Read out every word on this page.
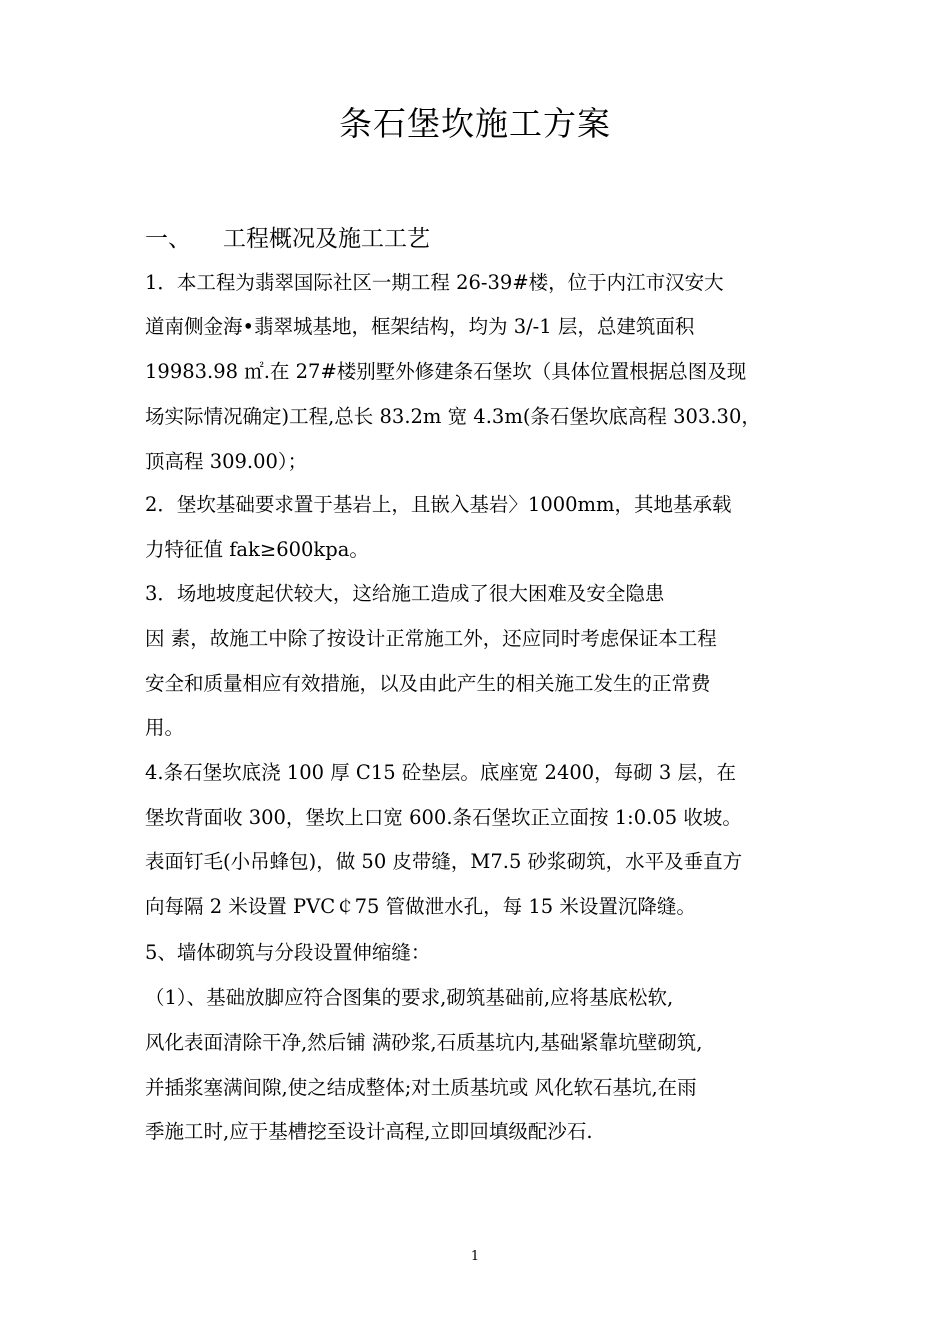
条石堡坎施工方案
一、 工程概况及施工工艺
1．本工程为翡翠国际社区一期工程 26-39#楼，位于内江市汉安大
道南侧金海•翡翠城基地，框架结构，均为 3/-1 层，总建筑面积
19983.98 ㎡.在 27#楼别墅外修建条石堡坎（具体位置根据总图及现
场实际情况确定)工程,总长 83.2m 宽 4.3m(条石堡坎底高程 303.30，
顶高程 309.00）；
2．堡坎基础要求置于基岩上，且嵌入基岩〉1000mm，其地基承载
力特征值 fak≥600kpa。
3．场地坡度起伏较大，这给施工造成了很大困难及安全隐患
因 素，故施工中除了按设计正常施工外，还应同时考虑保证本工程
安全和质量相应有效措施，以及由此产生的相关施工发生的正常费
用。
4.条石堡坎底浇 100 厚 C15 砼垫层。底座宽 2400，每砌 3 层，在
堡坎背面收 300，堡坎上口宽 600.条石堡坎正立面按 1:0.05 收坡。
表面钉毛(小吊蜂包)，做 50 皮带缝，M7.5 砂浆砌筑，水平及垂直方
向每隔 2 米设置 PVC￠75 管做泄水孔，每 15 米设置沉降缝。
5、墙体砌筑与分段设置伸缩缝：
（1）、基础放脚应符合图集的要求,砌筑基础前,应将基底松软,
风化表面清除干净,然后铺 满砂浆,石质基坑内,基础紧靠坑壁砌筑,
并插浆塞满间隙,使之结成整体;对土质基坑或 风化软石基坑,在雨
季施工时,应于基槽挖至设计高程,立即回填级配沙石.
1
